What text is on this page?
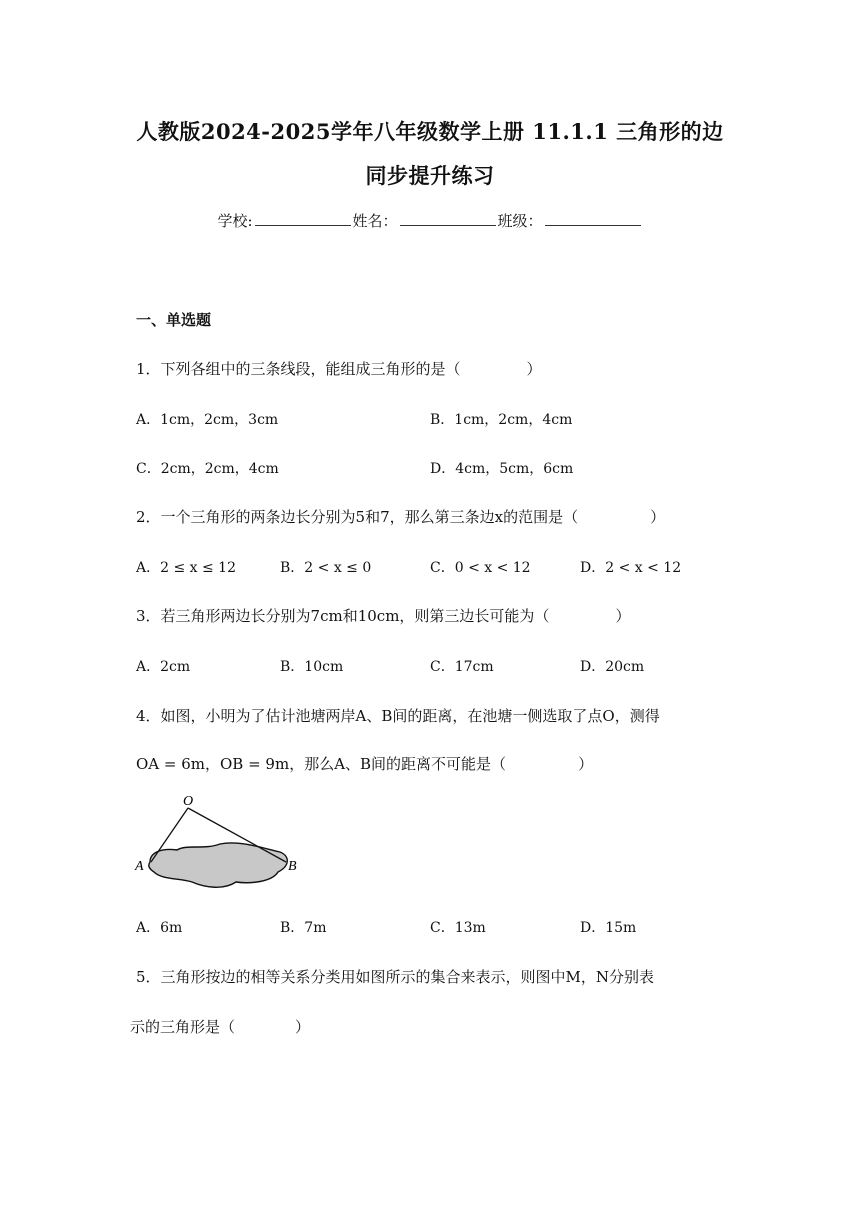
人教版2024-2025学年八年级数学上册 11.1.1 三角形的边
同步提升练习
学校:	姓名：	班级：
一、单选题
1．下列各组中的三条线段，能组成三角形的是（	）
A．1cm，2cm，3cm	B．1cm，2cm，4cm
C．2cm，2cm，4cm	D．4cm，5cm，6cm
2．一个三角形的两条边长分别为5和7，那么第三条边x的范围是（	）
A．2 ≤ x ≤ 12	B．2 < x ≤ 0	C．0 < x < 12	D．2 < x < 12
3．若三角形两边长分别为7cm和10cm，则第三边长可能为（	）
A．2cm	B．10cm	C．17cm	D．20cm
4．如图，小明为了估计池塘两岸A、B间的距离，在池塘一侧选取了点O，测得
OA = 6m，OB = 9m，那么A、B间的距离不可能是（	）
O
A	B
A．6m	B．7m	C．13m	D．15m
5．三角形按边的相等关系分类用如图所示的集合来表示，则图中M，N分别表
示的三角形是（	）
